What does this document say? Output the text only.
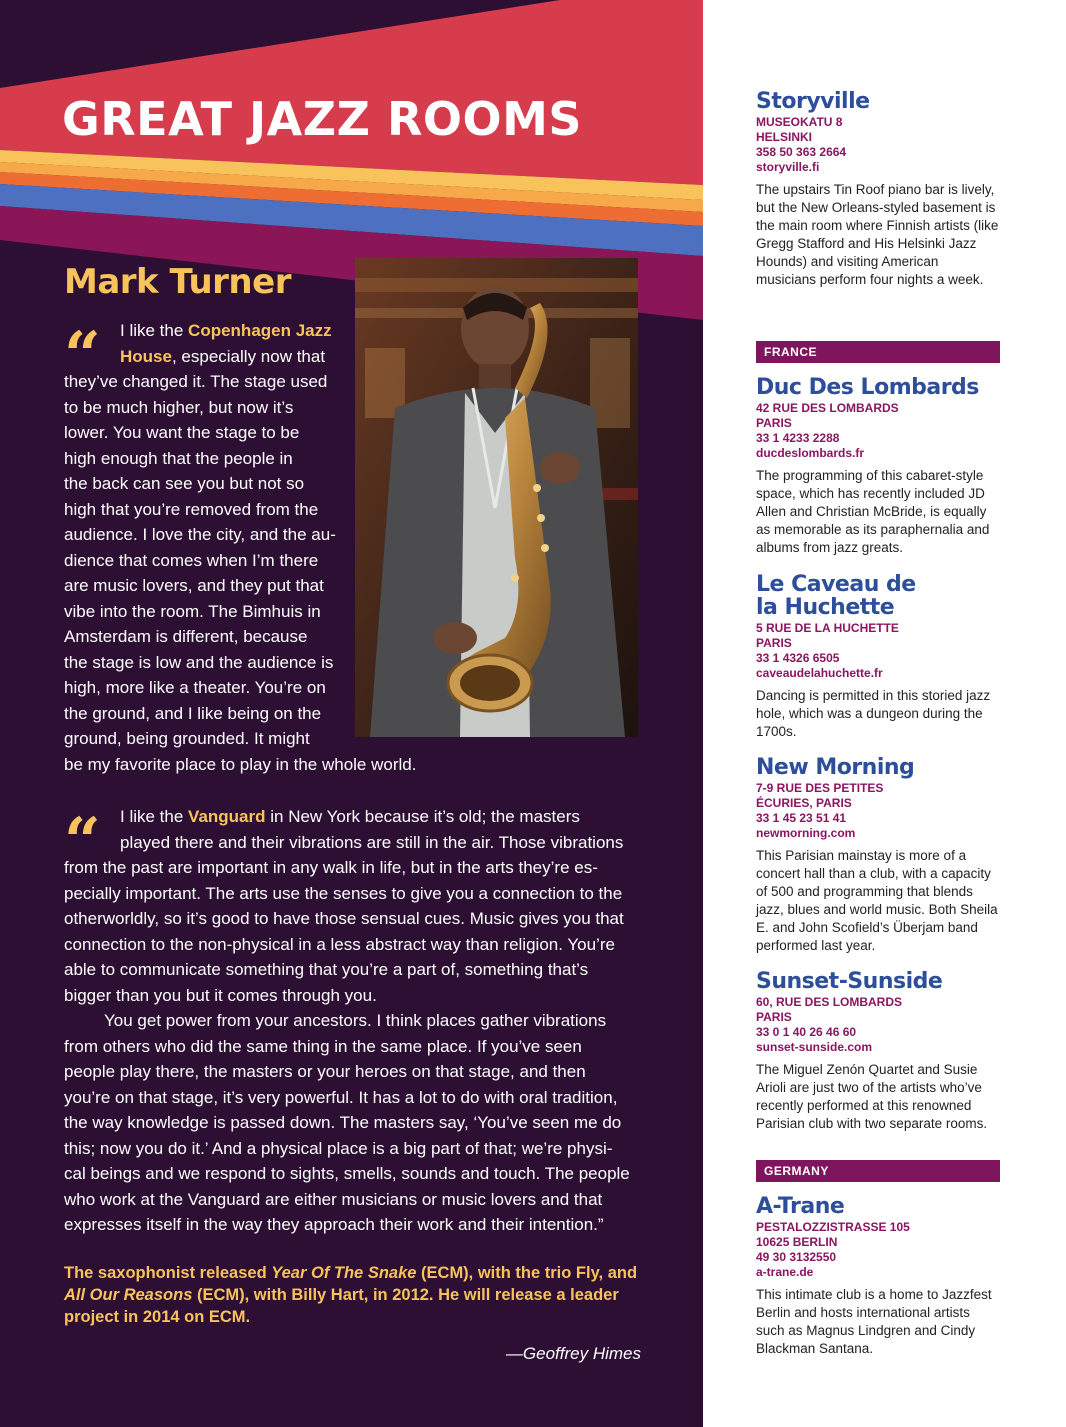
GREAT JAZZ ROOMS
Mark Turner
“ I like the Copenhagen Jazz
House, especially now that
they’ve changed it. The stage used
to be much higher, but now it’s
lower. You want the stage to be
high enough that the people in
the back can see you but not so
high that you’re removed from the
audience. I love the city, and the au-
dience that comes when I’m there
are music lovers, and they put that
vibe into the room. The Bimhuis in
Amsterdam is different, because
the stage is low and the audience is
high, more like a theater. You’re on
the ground, and I like being on the
ground, being grounded. It might
be my favorite place to play in the whole world.
“ I like the Vanguard in New York because it’s old; the masters
played there and their vibrations are still in the air. Those vibrations
from the past are important in any walk in life, but in the arts they’re es-
pecially important. The arts use the senses to give you a connection to the
otherworldly, so it’s good to have those sensual cues. Music gives you that
connection to the non-physical in a less abstract way than religion. You’re
able to communicate something that you’re a part of, something that’s
bigger than you but it comes through you.
You get power from your ancestors. I think places gather vibrations
from others who did the same thing in the same place. If you’ve seen
people play there, the masters or your heroes on that stage, and then
you’re on that stage, it’s very powerful. It has a lot to do with oral tradition,
the way knowledge is passed down. The masters say, ‘You’ve seen me do
this; now you do it.’ And a physical place is a big part of that; we’re physi-
cal beings and we respond to sights, smells, sounds and touch. The people
who work at the Vanguard are either musicians or music lovers and that
expresses itself in the way they approach their work and their intention.”

The saxophonist released Year Of The Snake (ECM), with the trio Fly, and All Our Reasons (ECM), with Billy Hart, in 2012. He will release a leader project in 2014 on ECM.

—Geoffrey Himes
Storyville
MUSEOKATU 8
HELSINKI
358 50 363 2664
storyville.fi
The upstairs Tin Roof piano bar is lively, but the New Orleans-styled basement is the main room where Finnish artists (like Gregg Stafford and His Helsinki Jazz Hounds) and visiting American musicians perform four nights a week.
FRANCE
Duc Des Lombards
42 RUE DES LOMBARDS
PARIS
33 1 4233 2288
ducdeslombards.fr
The programming of this cabaret-style space, which has recently included JD Allen and Christian McBride, is equally as memorable as its paraphernalia and albums from jazz greats.
Le Caveau de
la Huchette
5 RUE DE LA HUCHETTE
PARIS
33 1 4326 6505
caveaudelahuchette.fr
Dancing is permitted in this storied jazz hole, which was a dungeon during the 1700s.
New Morning
7-9 RUE DES PETITES
ÉCURIES, PARIS
33 1 45 23 51 41
newmorning.com
This Parisian mainstay is more of a concert hall than a club, with a capacity of 500 and programming that blends jazz, blues and world music. Both Sheila E. and John Scofield’s Überjam band performed last year.
Sunset-Sunside
60, RUE DES LOMBARDS
PARIS
33 0 1 40 26 46 60
sunset-sunside.com
The Miguel Zenón Quartet and Susie Arioli are just two of the artists who’ve recently performed at this renowned Parisian club with two separate rooms.
GERMANY
A-Trane
PESTALOZZISTRASSE 105
10625 BERLIN
49 30 3132550
a-trane.de
This intimate club is a home to Jazzfest Berlin and hosts international artists such as Magnus Lindgren and Cindy Blackman Santana.
